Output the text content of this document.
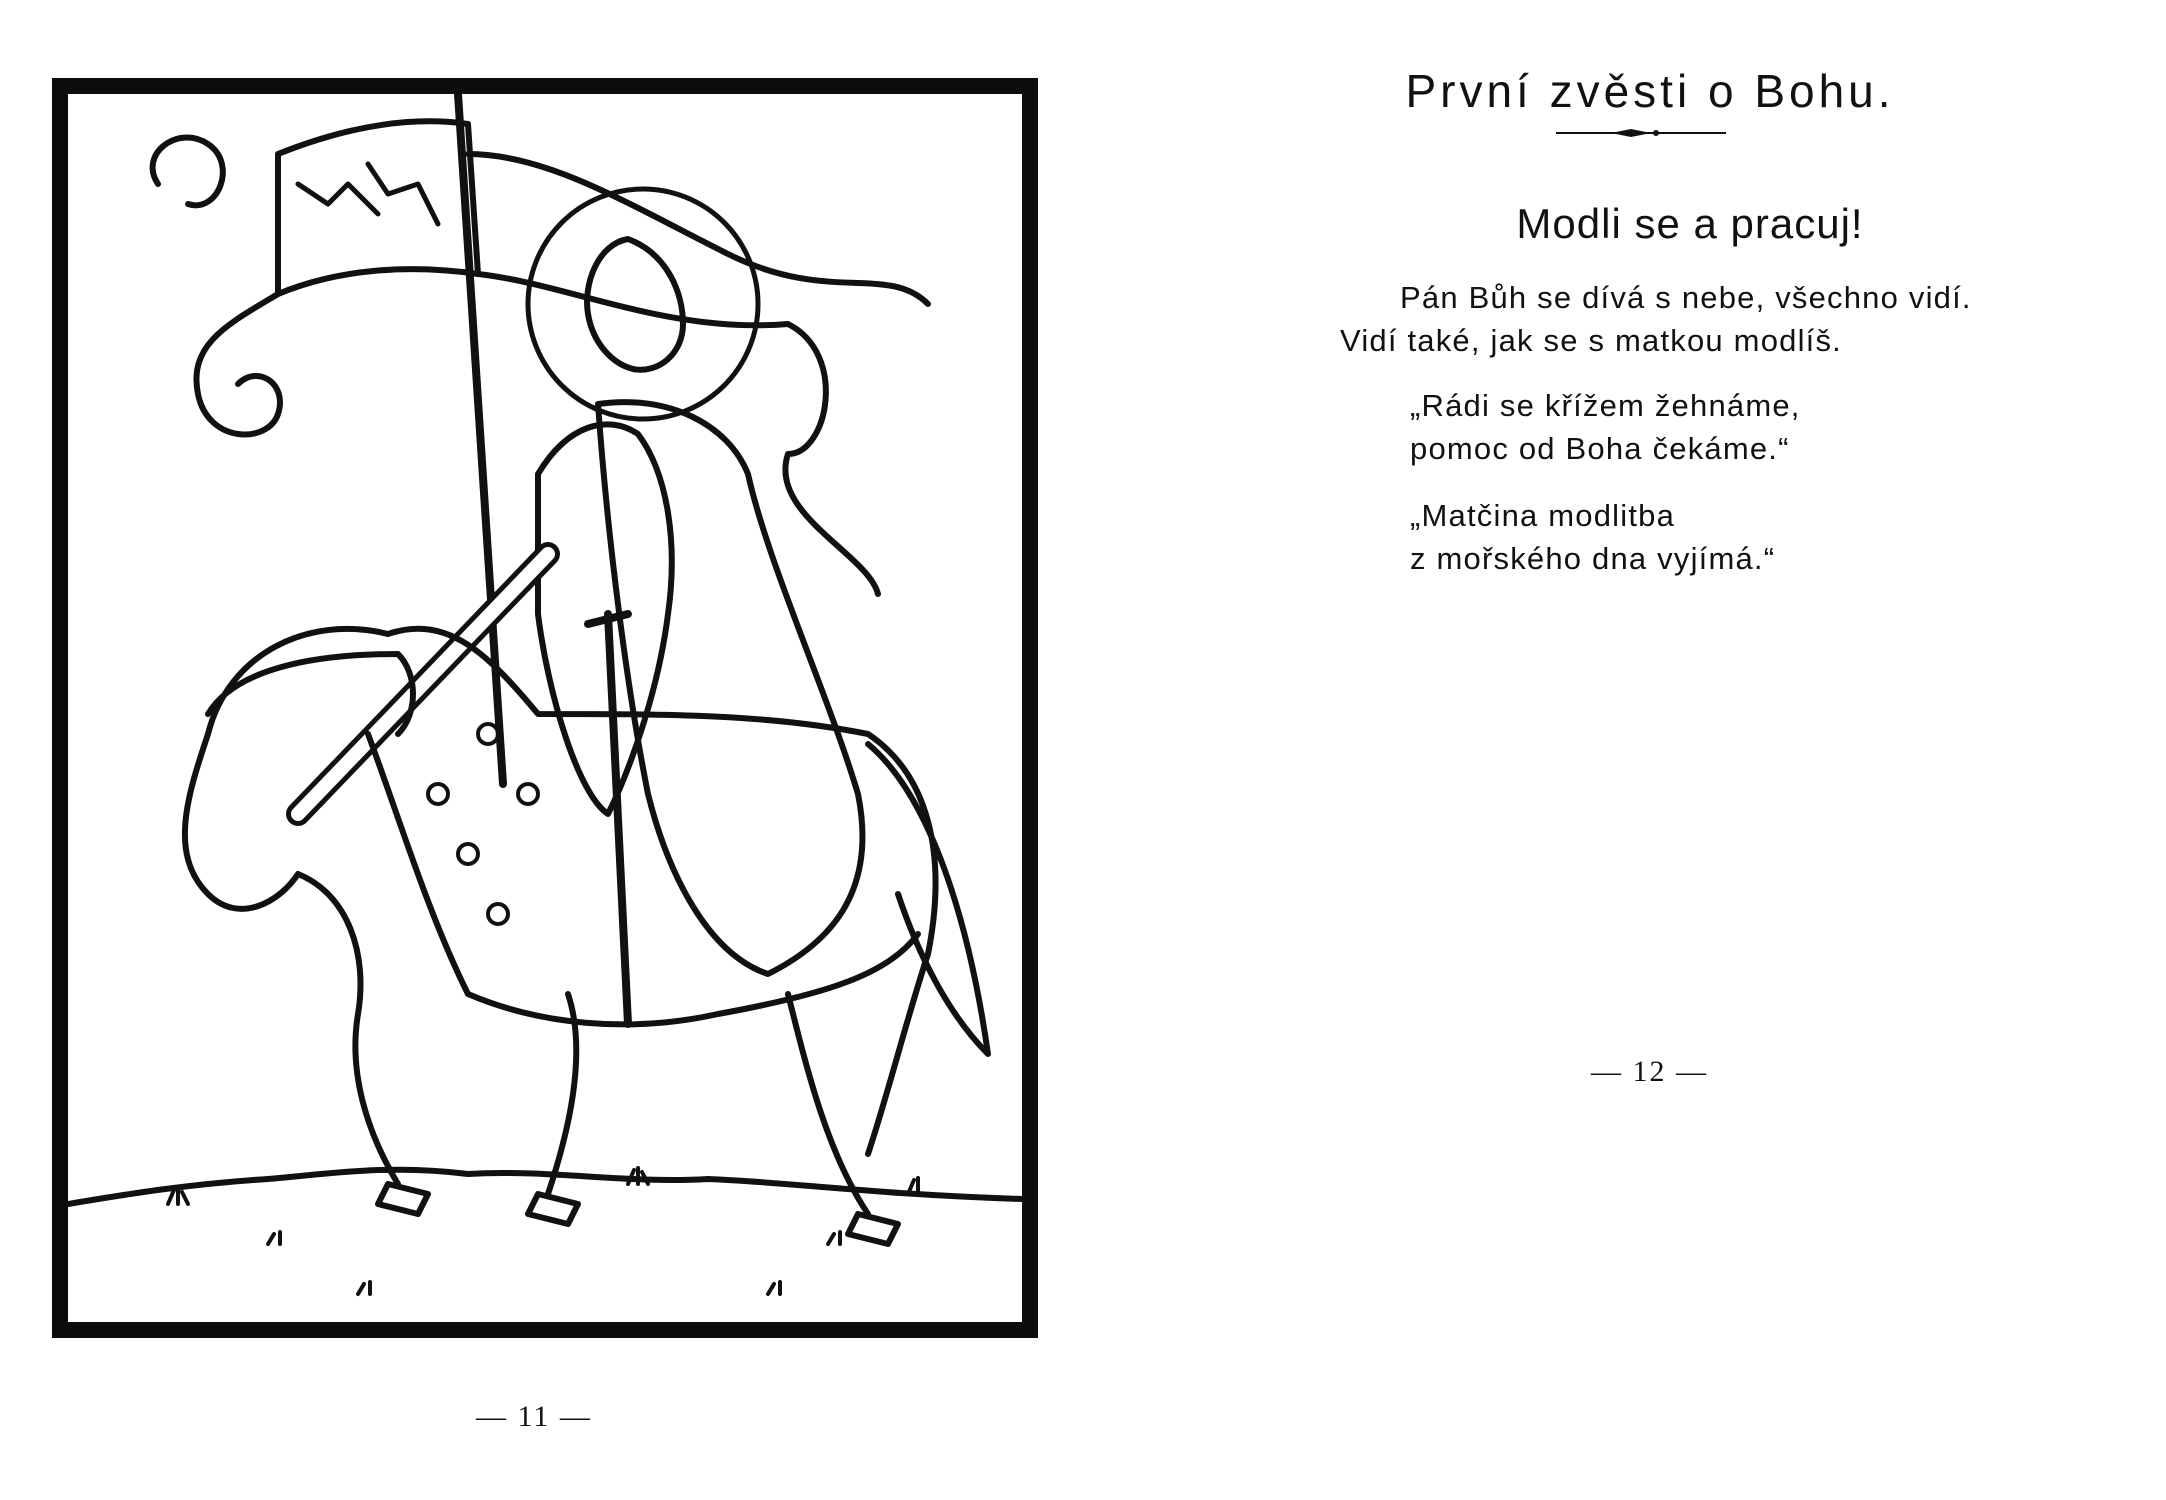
— 11 —
První zvěsti o Bohu.
Modli se a pracuj!
Pán Bůh se dívá s nebe, všechno vidí.
Vidí také, jak se s matkou modlíš.
„Rádi se křížem žehnáme,
pomoc od Boha čekáme.“
„Matčina modlitba
z mořského dna vyjímá.“
— 12 —
